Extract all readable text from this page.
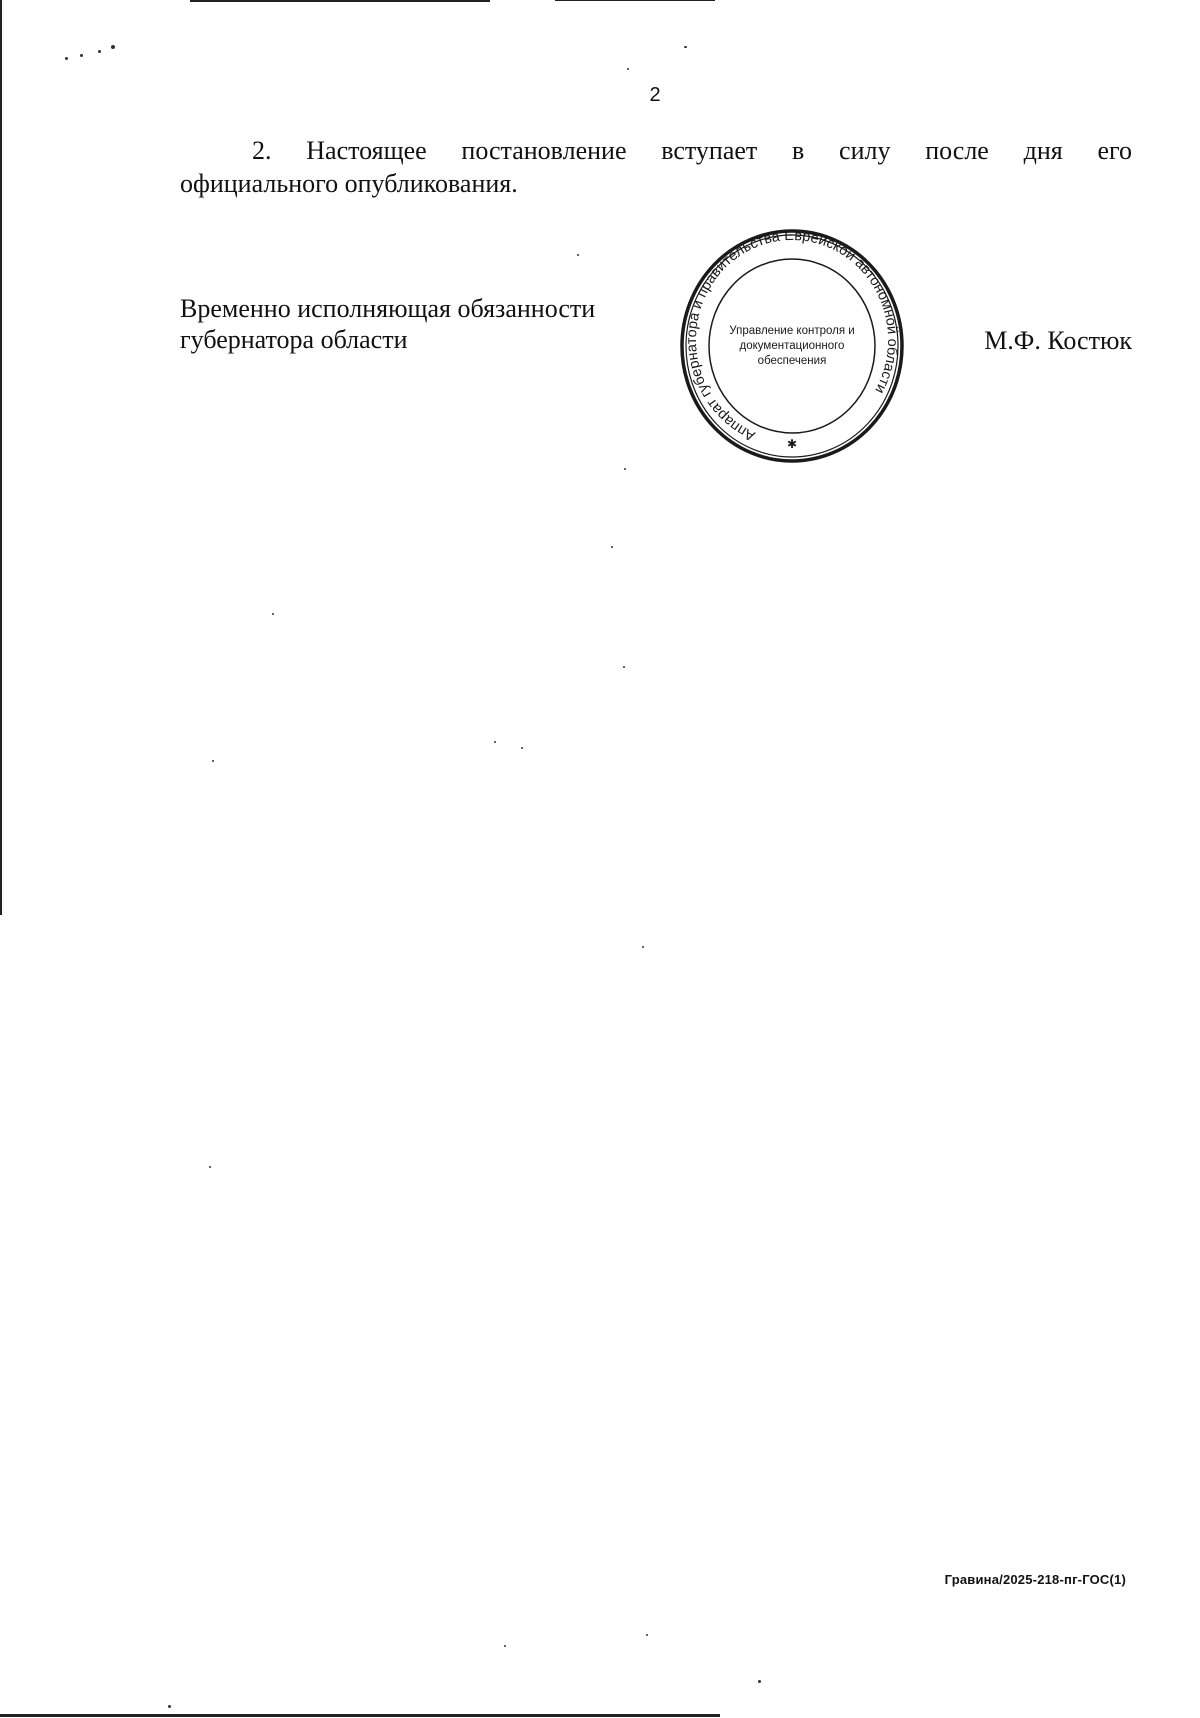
2
2. Настоящее постановление вступает в силу после дня его
официального опубликования.
Временно исполняющая обязанности
губернатора области
Аппарат губернатора и правительства Еврейской автономной области
Управление контроля и
документационного
обеспечения
✱
М.Ф. Костюк
Гравина/2025-218-пг-ГОС(1)
